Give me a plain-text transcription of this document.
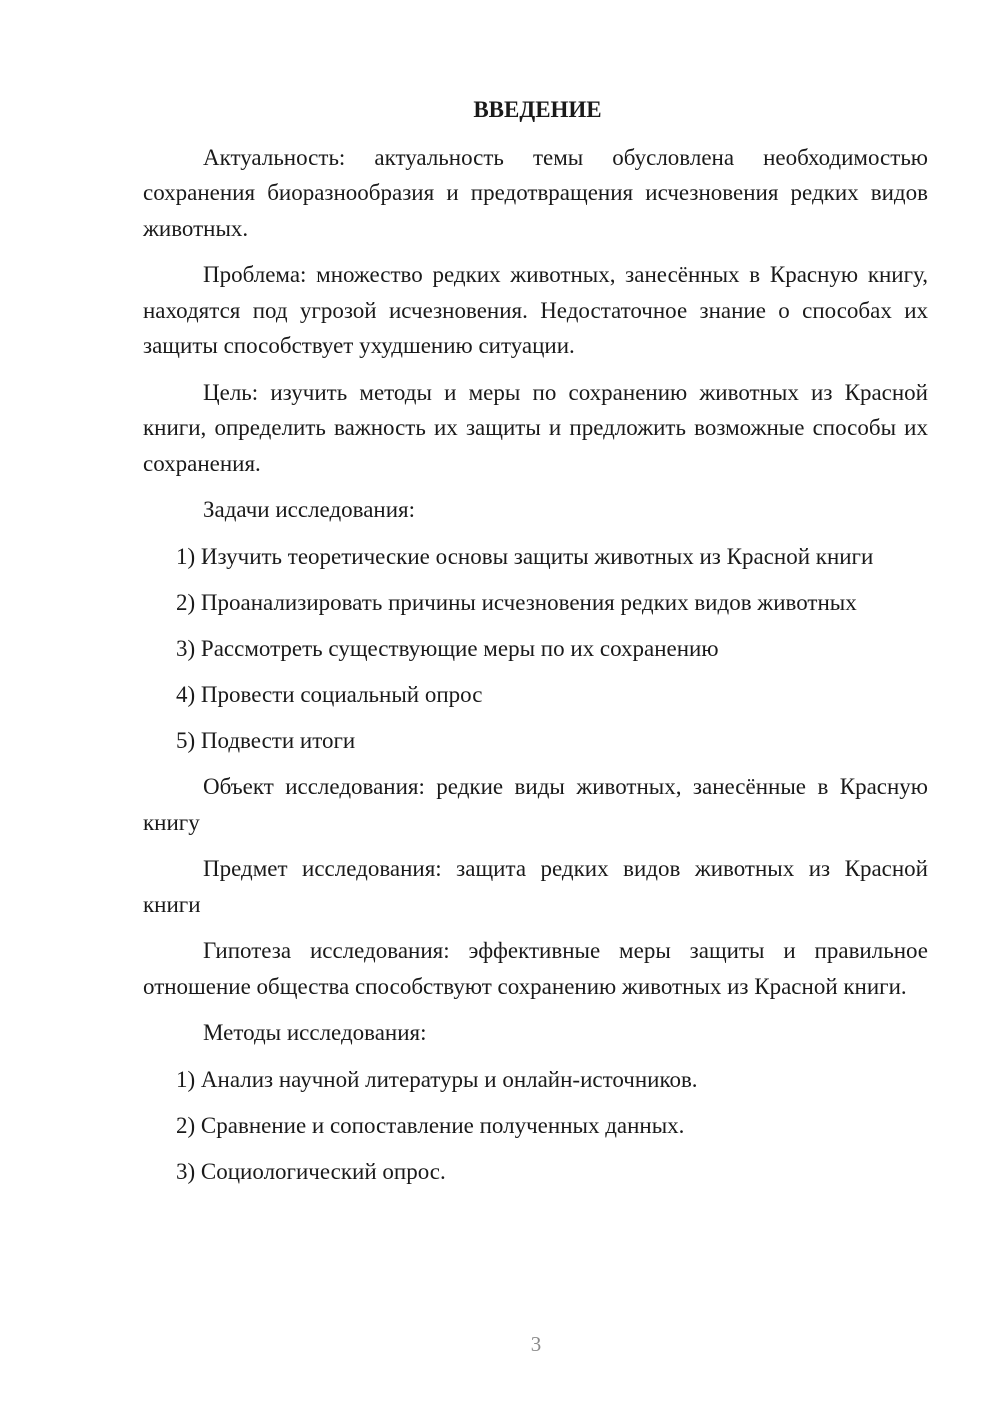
ВВЕДЕНИЕ

Актуальность: актуальность темы обусловлена необходимостью сохранения биоразнообразия и предотвращения исчезновения редких видов животных.

Проблема: множество редких животных, занесённых в Красную книгу, находятся под угрозой исчезновения. Недостаточное знание о способах их защиты способствует ухудшению ситуации.

Цель: изучить методы и меры по сохранению животных из Красной книги, определить важность их защиты и предложить возможные способы их сохранения.

Задачи исследования:

1) Изучить теоретические основы защиты животных из Красной книги
2) Проанализировать причины исчезновения редких видов животных
3) Рассмотреть существующие меры по их сохранению
4) Провести социальный опрос
5) Подвести итоги

Объект исследования: редкие виды животных, занесённые в Красную книгу

Предмет исследования: защита редких видов животных из Красной книги

Гипотеза исследования: эффективные меры защиты и правильное отношение общества способствуют сохранению животных из Красной книги.

Методы исследования:

1) Анализ научной литературы и онлайн-источников.
2) Сравнение и сопоставление полученных данных.
3) Социологический опрос.
3
